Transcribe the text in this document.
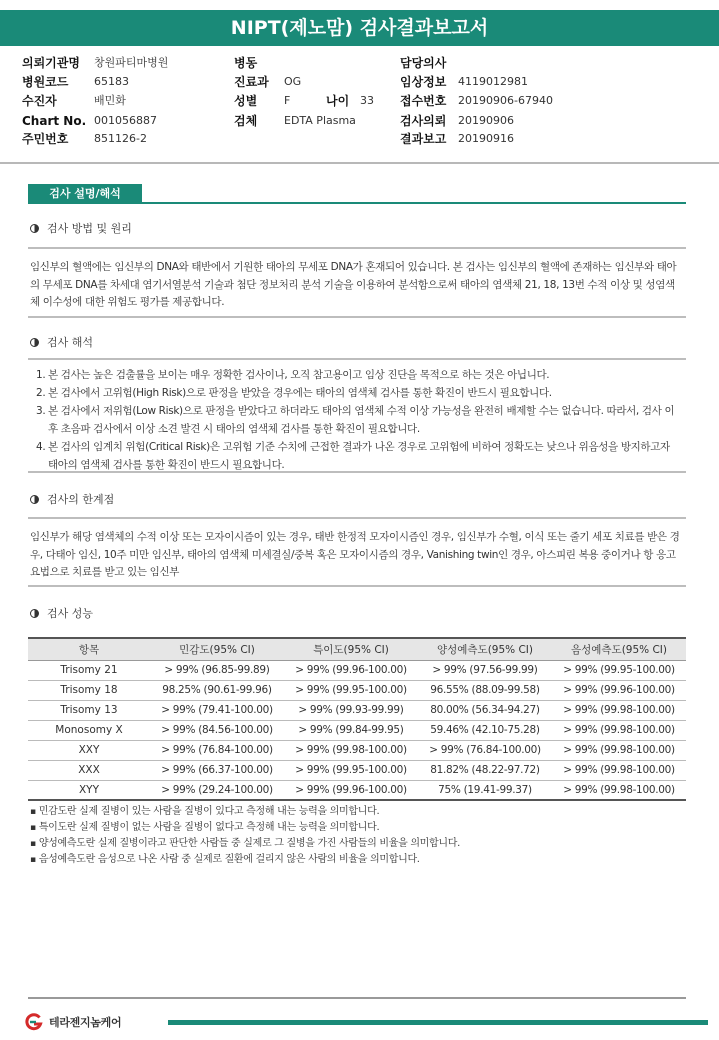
NIPT(제노맘) 검사결과보고서
의뢰기관명 창원파티마병원	병동	담당의사
병원코드 65183	진료과 OG	임상정보 4119012981
수진자	배민화	성별 F	나이 33 접수번호 20190906-67940
Chart No. 001056887	검체 EDTA Plasma	검사의뢰 20190906
주민번호 851126-2	결과보고 20190916
검사 설명/해석
검사 방법 및 원리
임신부의 혈액에는 임신부의 DNA와 태반에서 기원한 태아의 무세포 DNA가 혼재되어 있습니다. 본 검사는 임신부의 혈액에 존재하는 임신부와 태아의 무세포 DNA를 차세대 염기서열분석 기술과 첨단 정보처리 분석 기술을 이용하여 분석함으로써 태아의 염색체 21, 18, 13번 수적 이상 및 성염색체 이수성에 대한 위험도 평가를 제공합니다.
검사 해석
1. 본 검사는 높은 검출률을 보이는 매우 정확한 검사이나, 오직 참고용이고 임상 진단을 목적으로 하는 것은 아닙니다.
2. 본 검사에서 고위험(High Risk)으로 판정을 받았을 경우에는 태아의 염색체 검사를 통한 확진이 반드시 필요합니다.
3. 본 검사에서 저위험(Low Risk)으로 판정을 받았다고 하더라도 태아의 염색체 수적 이상 가능성을 완전히 배제할 수는 없습니다. 따라서, 검사 이후 초음파 검사에서 이상 소견 발견 시 태아의 염색체 검사를 통한 확진이 필요합니다.
4. 본 검사의 임계치 위험(Critical Risk)은 고위험 기준 수치에 근접한 결과가 나온 경우로 고위험에 비하여 정확도는 낮으나 위음성을 방지하고자 태아의 염색체 검사를 통한 확진이 반드시 필요합니다.
검사의 한계점
임신부가 해당 염색체의 수적 이상 또는 모자이시즘이 있는 경우, 태반 한정적 모자이시즘인 경우, 임신부가 수혈, 이식 또는 줄기 세포 치료를 받은 경우, 다태아 임신, 10주 미만 임신부, 태아의 염색체 미세결실/중복 혹은 모자이시즘의 경우, Vanishing twin인 경우, 아스피린 복용 중이거나 항 응고 요법으로 치료를 받고 있는 임신부
검사 성능
항목	민감도(95% CI)	특이도(95% CI)	양성예측도(95% CI)	음성예측도(95% CI)
Trisomy 21	> 99% (96.85-99.89)	> 99% (99.96-100.00)	> 99% (97.56-99.99)	> 99% (99.95-100.00)
Trisomy 18	98.25% (90.61-99.96)	> 99% (99.95-100.00)	96.55% (88.09-99.58)	> 99% (99.96-100.00)
Trisomy 13	> 99% (79.41-100.00)	> 99% (99.93-99.99)	80.00% (56.34-94.27)	> 99% (99.98-100.00)
Monosomy X	> 99% (84.56-100.00)	> 99% (99.84-99.95)	59.46% (42.10-75.28)	> 99% (99.98-100.00)
XXY	> 99% (76.84-100.00)	> 99% (99.98-100.00)	> 99% (76.84-100.00)	> 99% (99.98-100.00)
XXX	> 99% (66.37-100.00)	> 99% (99.95-100.00)	81.82% (48.22-97.72)	> 99% (99.98-100.00)
XYY	> 99% (29.24-100.00)	> 99% (99.96-100.00)	75% (19.41-99.37)	> 99% (99.98-100.00)
▪ 민감도란 실제 질병이 있는 사람을 질병이 있다고 측정해 내는 능력을 의미합니다.
▪ 특이도란 실제 질병이 없는 사람을 질병이 없다고 측정해 내는 능력을 의미합니다.
▪ 양성예측도란 실제 질병이라고 판단한 사람들 중 실제로 그 질병을 가진 사람들의 비율을 의미합니다.
▪ 음성예측도란 음성으로 나온 사람 중 실제로 질환에 걸리지 않은 사람의 비율을 의미합니다.
테라젠지놈케어
